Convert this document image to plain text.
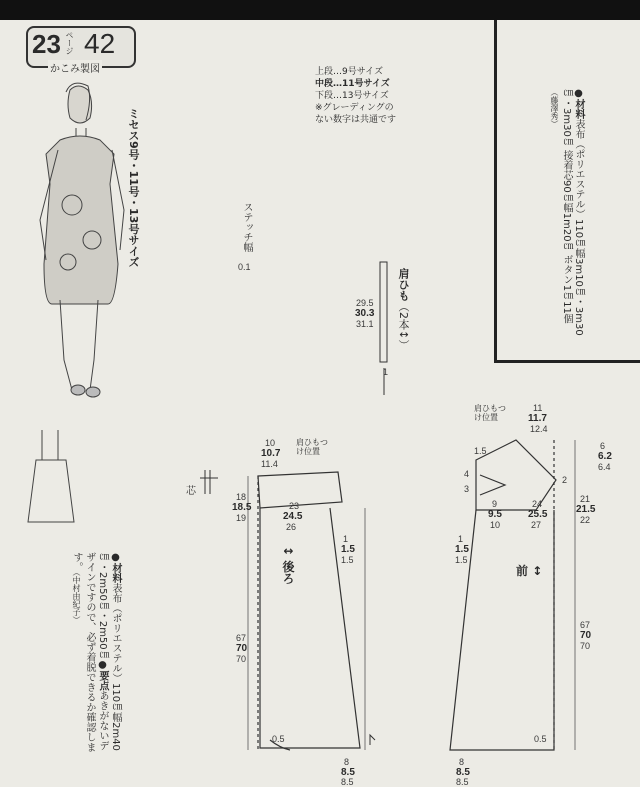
23 ページ 42
かこみ製図	上段…9号サイズ
中段…11号サイズ
下段…13号サイズ
※グレーディングの
ない数字は共通です
ミセス9号・11号・13号サイズ
●材料表布（ポリエステル）110㎝幅3m10㎝・3m30㎝・3m30㎝ 接着芯90㎝幅1m20㎝ ボタン1㎝11個（藤澤秀）
ステッチ幅
0.1
肩ひも（2本↕）
29.5
30.3
31.1
1
●材料表布（ポリエステル）110㎝幅2m40㎝・2m50㎝・2m50㎝●要点あきがないデザインですので、必ず着脱できるか確認します。（中村由紀子）
↕ 後ろ
肩ひもつけ位置
10
10.7
11.4
18
18.5
19
23
24.5
26
1
1.5
1.5
67
70
70
0.5
8
8.5
8.5
芯
前 ↕
肩ひもつけ位置
11
11.7
12.4
1.5
4
3
2
9
9.5
10
24
25.5
27
1
1.5
1.5
6
6.2
6.4
21
21.5
22
67
70
70
0.5
8
8.5
8.5
